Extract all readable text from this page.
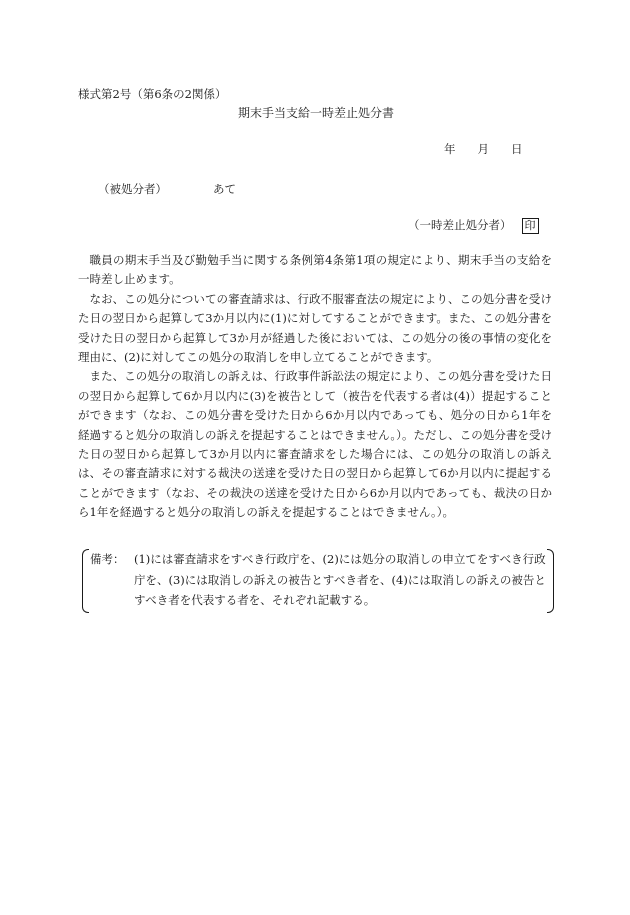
様式第2号（第6条の2関係）
期末手当支給一時差止処分書
年 月 日
（被処分者）	あて
（一時差止処分者） 印

職員の期末手当及び勤勉手当に関する条例第4条第1項の規定により、期末手当の支給を一時差し止めます。

なお、この処分についての審査請求は、行政不服審査法の規定により、この処分書を受けた日の翌日から起算して3か月以内に(1)に対してすることができます。また、この処分書を受けた日の翌日から起算して3か月が経過した後においては、この処分の後の事情の変化を理由に、(2)に対してこの処分の取消しを申し立てることができます。

また、この処分の取消しの訴えは、行政事件訴訟法の規定により、この処分書を受けた日の翌日から起算して6か月以内に(3)を被告として（被告を代表する者は(4)）提起することができます（なお、この処分書を受けた日から6か月以内であっても、処分の日から1年を経過すると処分の取消しの訴えを提起することはできません。）。ただし、この処分書を受けた日の翌日から起算して3か月以内に審査請求をした場合には、この処分の取消しの訴えは、その審査請求に対する裁決の送達を受けた日の翌日から起算して6か月以内に提起することができます（なお、その裁決の送達を受けた日から6か月以内であっても、裁決の日から1年を経過すると処分の取消しの訴えを提起することはできません。）。

備考： (1)には審査請求をすべき行政庁を、(2)には処分の取消しの申立てをすべき行政庁を、(3)には取消しの訴えの被告とすべき者を、(4)には取消しの訴えの被告とすべき者を代表する者を、それぞれ記載する。
